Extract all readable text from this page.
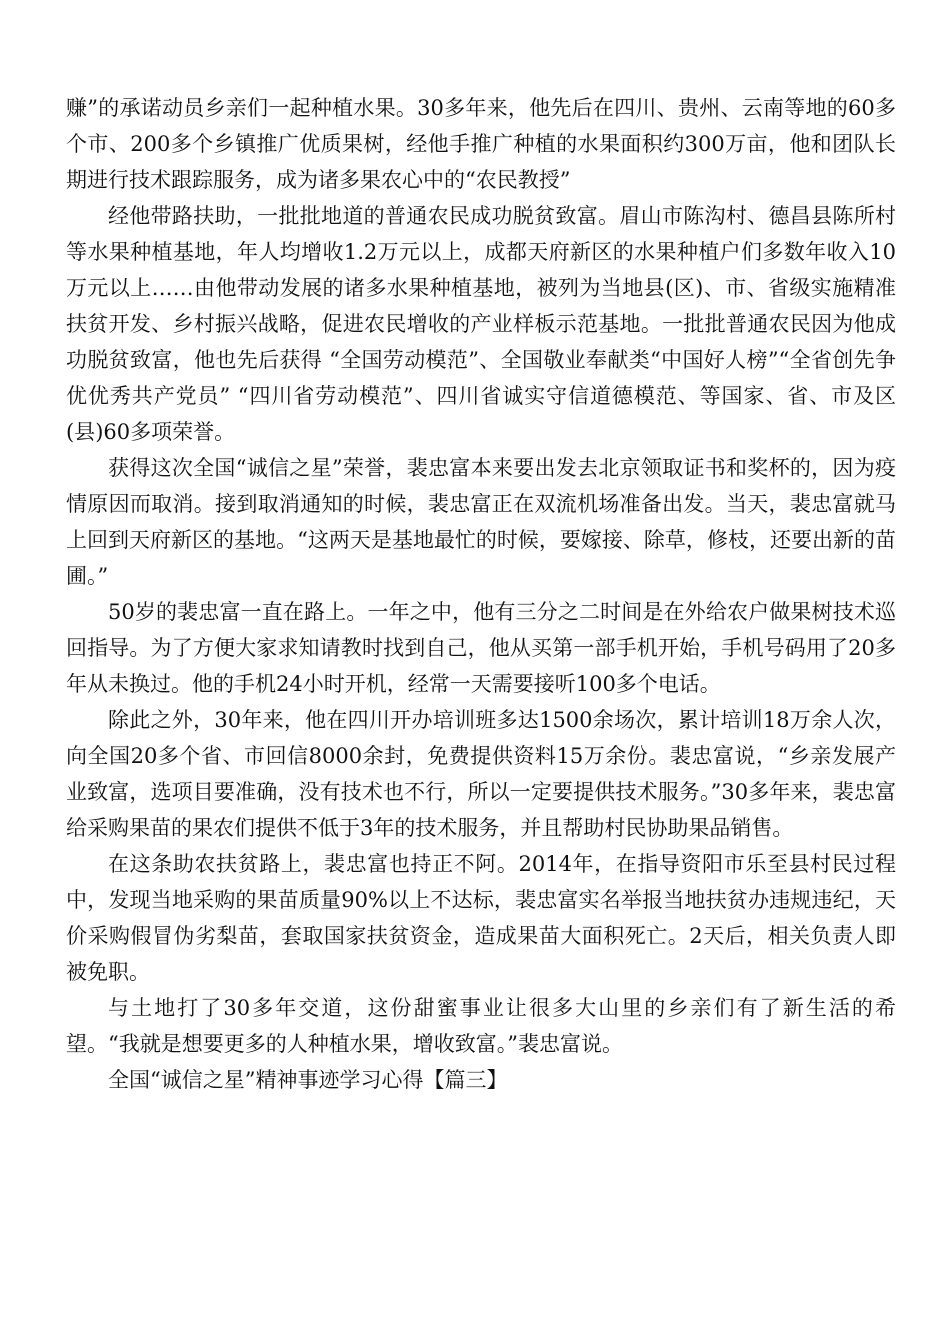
赚”的承诺动员乡亲们一起种植水果。30多年来，他先后在四川、贵州、云南等地的60多个市、200多个乡镇推广优质果树，经他手推广种植的水果面积约300万亩，他和团队长期进行技术跟踪服务，成为诸多果农心中的“农民教授”

经他带路扶助，一批批地道的普通农民成功脱贫致富。眉山市陈沟村、德昌县陈所村等水果种植基地，年人均增收1.2万元以上，成都天府新区的水果种植户们多数年收入10万元以上……由他带动发展的诸多水果种植基地，被列为当地县(区)、市、省级实施精准扶贫开发、乡村振兴战略，促进农民增收的产业样板示范基地。一批批普通农民因为他成功脱贫致富，他也先后获得 “全国劳动模范”、全国敬业奉献类“中国好人榜”“全省创先争优优秀共产党员” “四川省劳动模范”、四川省诚实守信道德模范、等国家、省、市及区(县)60多项荣誉。

获得这次全国“诚信之星”荣誉，裴忠富本来要出发去北京领取证书和奖杯的，因为疫情原因而取消。接到取消通知的时候，裴忠富正在双流机场准备出发。当天，裴忠富就马上回到天府新区的基地。“这两天是基地最忙的时候，要嫁接、除草，修枝，还要出新的苗圃。”

50岁的裴忠富一直在路上。一年之中，他有三分之二时间是在外给农户做果树技术巡回指导。为了方便大家求知请教时找到自己，他从买第一部手机开始，手机号码用了20多年从未换过。他的手机24小时开机，经常一天需要接听100多个电话。

除此之外，30年来，他在四川开办培训班多达1500余场次，累计培训18万余人次，向全国20多个省、市回信8000余封，免费提供资料15万余份。裴忠富说，“乡亲发展产业致富，选项目要准确，没有技术也不行，所以一定要提供技术服务。”30多年来，裴忠富给采购果苗的果农们提供不低于3年的技术服务，并且帮助村民协助果品销售。

在这条助农扶贫路上，裴忠富也持正不阿。2014年，在指导资阳市乐至县村民过程中，发现当地采购的果苗质量90%以上不达标，裴忠富实名举报当地扶贫办违规违纪，天价采购假冒伪劣梨苗，套取国家扶贫资金，造成果苗大面积死亡。2天后，相关负责人即被免职。

与土地打了30多年交道，这份甜蜜事业让很多大山里的乡亲们有了新生活的希望。“我就是想要更多的人种植水果，增收致富。”裴忠富说。

全国“诚信之星”精神事迹学习心得【篇三】
